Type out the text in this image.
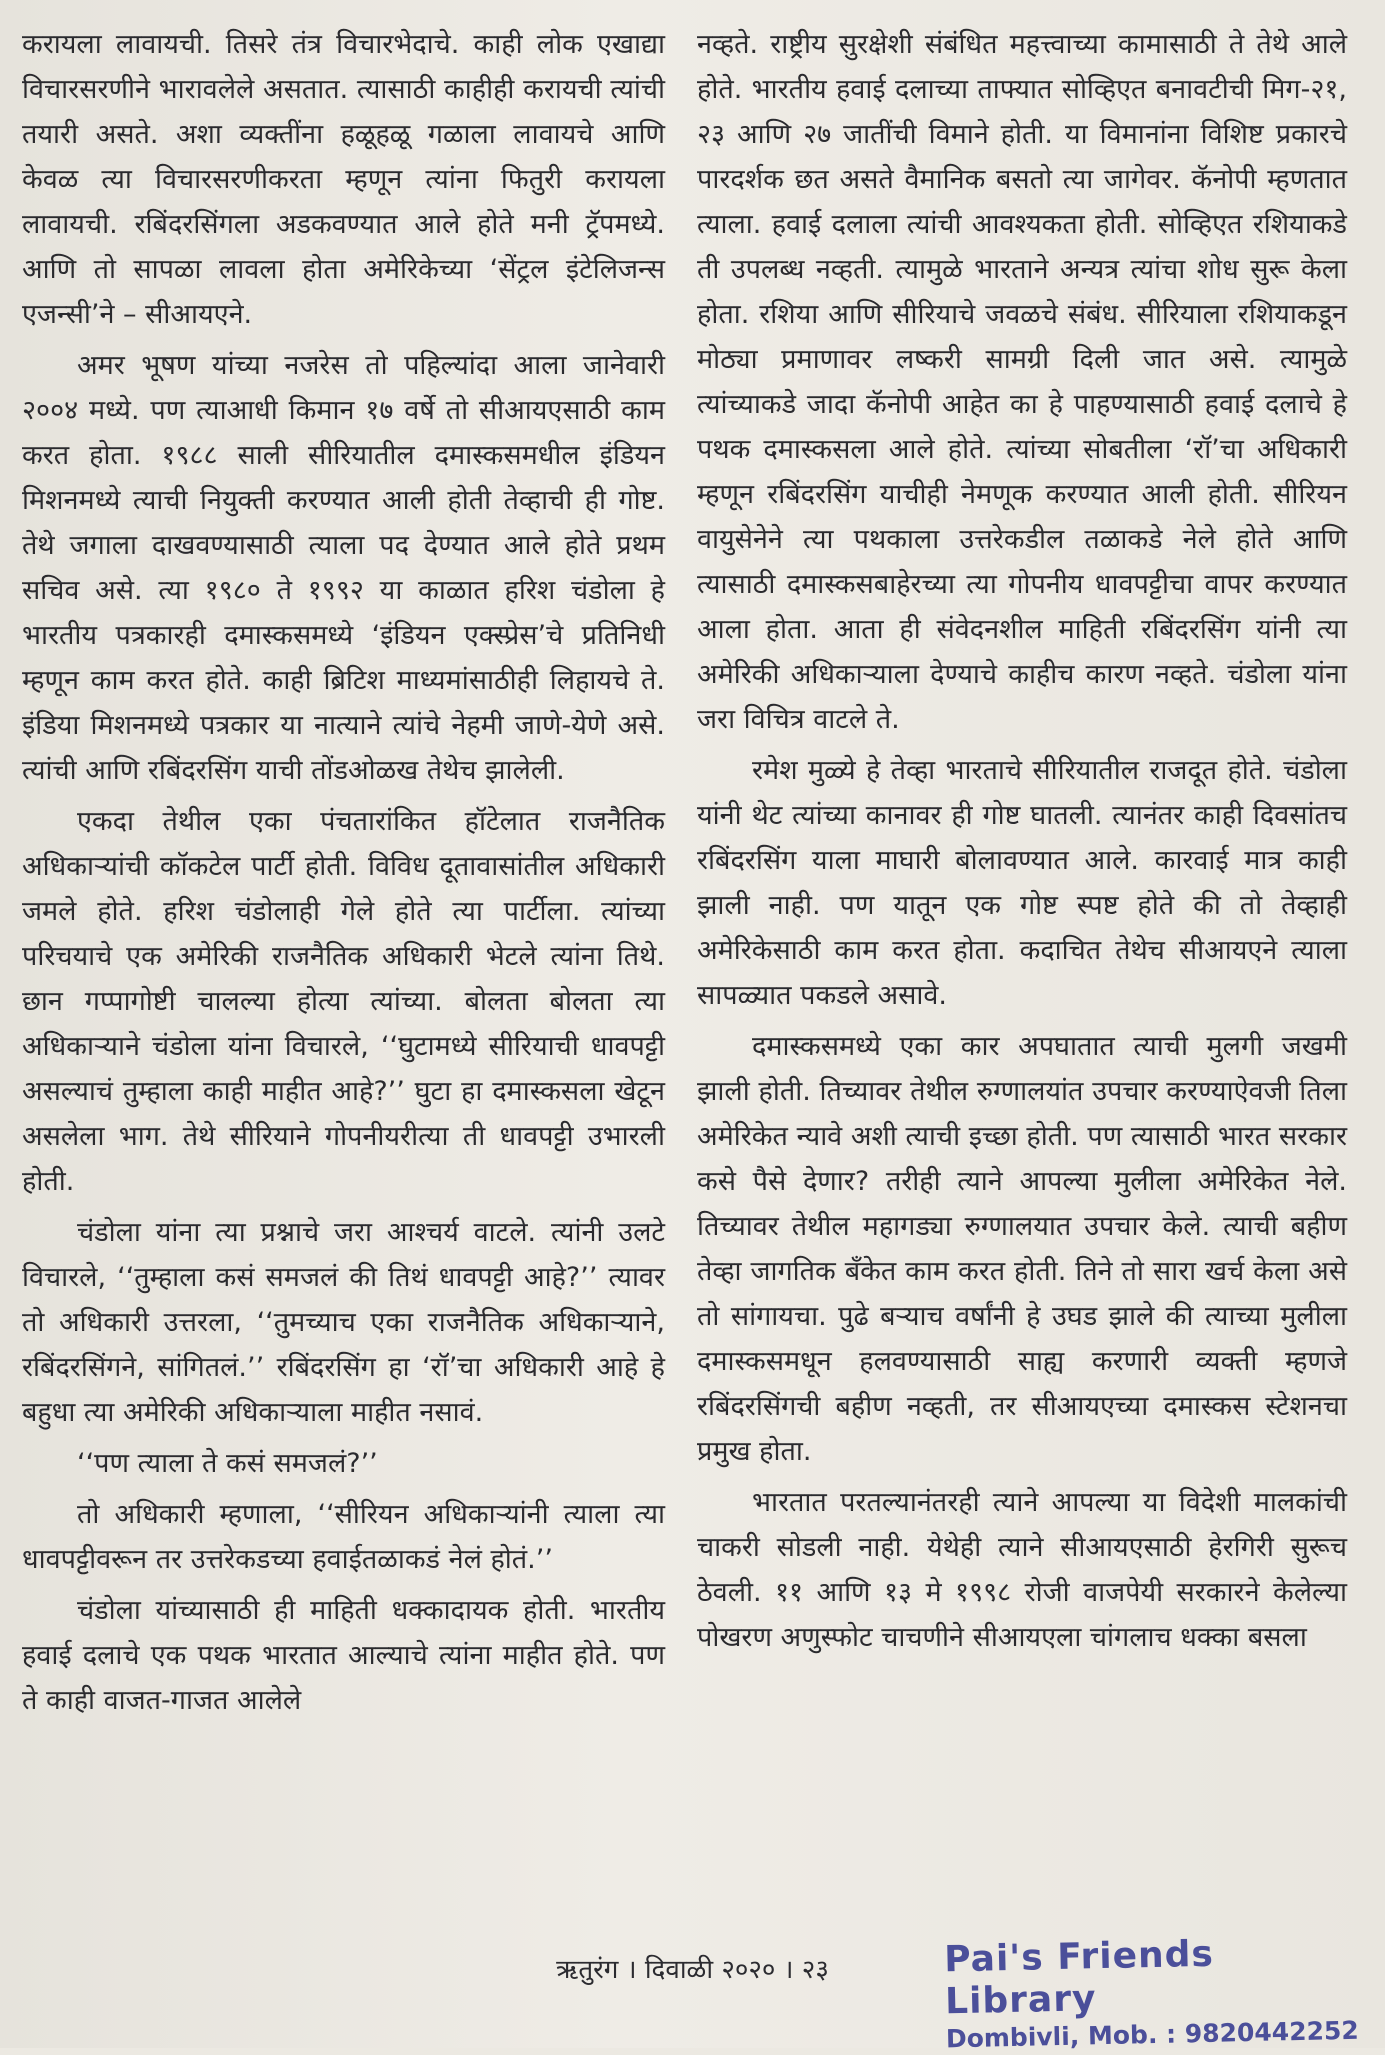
करायला लावायची. तिसरे तंत्र विचारभेदाचे. काही लोक एखाद्या विचारसरणीने भारावलेले असतात. त्यासाठी काहीही करायची त्यांची तयारी असते. अशा व्यक्तींना हळूहळू गळाला लावायचे आणि केवळ त्या विचारसरणीकरता म्हणून त्यांना फितुरी करायला लावायची. रबिंदरसिंगला अडकवण्यात आले होते मनी ट्रॅपमध्ये. आणि तो सापळा लावला होता अमेरिकेच्या ‘सेंट्रल इंटेलिजन्स एजन्सी’ने – सीआयएने.

अमर भूषण यांच्या नजरेस तो पहिल्यांदा आला जानेवारी २००४ मध्ये. पण त्याआधी किमान १७ वर्षे तो सीआयएसाठी काम करत होता. १९८८ साली सीरियातील दमास्कसमधील इंडियन मिशनमध्ये त्याची नियुक्ती करण्यात आली होती तेव्हाची ही गोष्ट. तेथे जगाला दाखवण्यासाठी त्याला पद देण्यात आले होते प्रथम सचिव असे. त्या १९८० ते १९९२ या काळात हरिश चंडोला हे भारतीय पत्रकारही दमास्कसमध्ये ‘इंडियन एक्स्प्रेस’चे प्रतिनिधी म्हणून काम करत होते. काही ब्रिटिश माध्यमांसाठीही लिहायचे ते. इंडिया मिशनमध्ये पत्रकार या नात्याने त्यांचे नेहमी जाणे-येणे असे. त्यांची आणि रबिंदरसिंग याची तोंडओळख तेथेच झालेली.

एकदा तेथील एका पंचतारांकित हॉटेलात राजनैतिक अधिकाऱ्यांची कॉकटेल पार्टी होती. विविध दूतावासांतील अधिकारी जमले होते. हरिश चंडोलाही गेले होते त्या पार्टीला. त्यांच्या परिचयाचे एक अमेरिकी राजनैतिक अधिकारी भेटले त्यांना तिथे. छान गप्पागोष्टी चालल्या होत्या त्यांच्या. बोलता बोलता त्या अधिकाऱ्याने चंडोला यांना विचारले, ‘‘घुटामध्ये सीरियाची धावपट्टी असल्याचं तुम्हाला काही माहीत आहे?’’ घुटा हा दमास्कसला खेटून असलेला भाग. तेथे सीरियाने गोपनीयरीत्या ती धावपट्टी उभारली होती.

चंडोला यांना त्या प्रश्नाचे जरा आश्चर्य वाटले. त्यांनी उलटे विचारले, ‘‘तुम्हाला कसं समजलं की तिथं धावपट्टी आहे?’’ त्यावर तो अधिकारी उत्तरला, ‘‘तुमच्याच एका राजनैतिक अधिकाऱ्याने, रबिंदरसिंगने, सांगितलं.’’ रबिंदरसिंग हा ‘रॉ’चा अधिकारी आहे हे बहुधा त्या अमेरिकी अधिकाऱ्याला माहीत नसावं.

‘‘पण त्याला ते कसं समजलं?’’

तो अधिकारी म्हणाला, ‘‘सीरियन अधिकाऱ्यांनी त्याला त्या धावपट्टीवरून तर उत्तरेकडच्या हवाईतळाकडं नेलं होतं.’’

चंडोला यांच्यासाठी ही माहिती धक्कादायक होती. भारतीय हवाई दलाचे एक पथक भारतात आल्याचे त्यांना माहीत होते. पण ते काही वाजत-गाजत आलेले

नव्हते. राष्ट्रीय सुरक्षेशी संबंधित महत्त्वाच्या कामासाठी ते तेथे आले होते. भारतीय हवाई दलाच्या ताफ्यात सोव्हिएत बनावटीची मिग-२१, २३ आणि २७ जातींची विमाने होती. या विमानांना विशिष्ट प्रकारचे पारदर्शक छत असते वैमानिक बसतो त्या जागेवर. कॅनोपी म्हणतात त्याला. हवाई दलाला त्यांची आवश्यकता होती. सोव्हिएत रशियाकडे ती उपलब्ध नव्हती. त्यामुळे भारताने अन्यत्र त्यांचा शोध सुरू केला होता. रशिया आणि सीरियाचे जवळचे संबंध. सीरियाला रशियाकडून मोठ्या प्रमाणावर लष्करी सामग्री दिली जात असे. त्यामुळे त्यांच्याकडे जादा कॅनोपी आहेत का हे पाहण्यासाठी हवाई दलाचे हे पथक दमास्कसला आले होते. त्यांच्या सोबतीला ‘रॉ’चा अधिकारी म्हणून रबिंदरसिंग याचीही नेमणूक करण्यात आली होती. सीरियन वायुसेनेने त्या पथकाला उत्तरेकडील तळाकडे नेले होते आणि त्यासाठी दमास्कसबाहेरच्या त्या गोपनीय धावपट्टीचा वापर करण्यात आला होता. आता ही संवेदनशील माहिती रबिंदरसिंग यांनी त्या अमेरिकी अधिकाऱ्याला देण्याचे काहीच कारण नव्हते. चंडोला यांना जरा विचित्र वाटले ते.

रमेश मुळ्ये हे तेव्हा भारताचे सीरियातील राजदूत होते. चंडोला यांनी थेट त्यांच्या कानावर ही गोष्ट घातली. त्यानंतर काही दिवसांतच रबिंदरसिंग याला माघारी बोलावण्यात आले. कारवाई मात्र काही झाली नाही. पण यातून एक गोष्ट स्पष्ट होते की तो तेव्हाही अमेरिकेसाठी काम करत होता. कदाचित तेथेच सीआयएने त्याला सापळ्यात पकडले असावे.

दमास्कसमध्ये एका कार अपघातात त्याची मुलगी जखमी झाली होती. तिच्यावर तेथील रुग्णालयांत उपचार करण्याऐवजी तिला अमेरिकेत न्यावे अशी त्याची इच्छा होती. पण त्यासाठी भारत सरकार कसे पैसे देणार? तरीही त्याने आपल्या मुलीला अमेरिकेत नेले. तिच्यावर तेथील महागड्या रुग्णालयात उपचार केले. त्याची बहीण तेव्हा जागतिक बँकेत काम करत होती. तिने तो सारा खर्च केला असे तो सांगायचा. पुढे बऱ्याच वर्षांनी हे उघड झाले की त्याच्या मुलीला दमास्कसमधून हलवण्यासाठी साह्य करणारी व्यक्ती म्हणजे रबिंदरसिंगची बहीण नव्हती, तर सीआयएच्या दमास्कस स्टेशनचा प्रमुख होता.

भारतात परतल्यानंतरही त्याने आपल्या या विदेशी मालकांची चाकरी सोडली नाही. येथेही त्याने सीआयएसाठी हेरगिरी सुरूच ठेवली. ११ आणि १३ मे १९९८ रोजी वाजपेयी सरकारने केलेल्या पोखरण अणुस्फोट चाचणीने सीआयएला चांगलाच धक्का बसला

ऋतुरंग । दिवाळी २०२० । २३	Pai's Friends Library
Dombivli, Mob. : 9820442252
